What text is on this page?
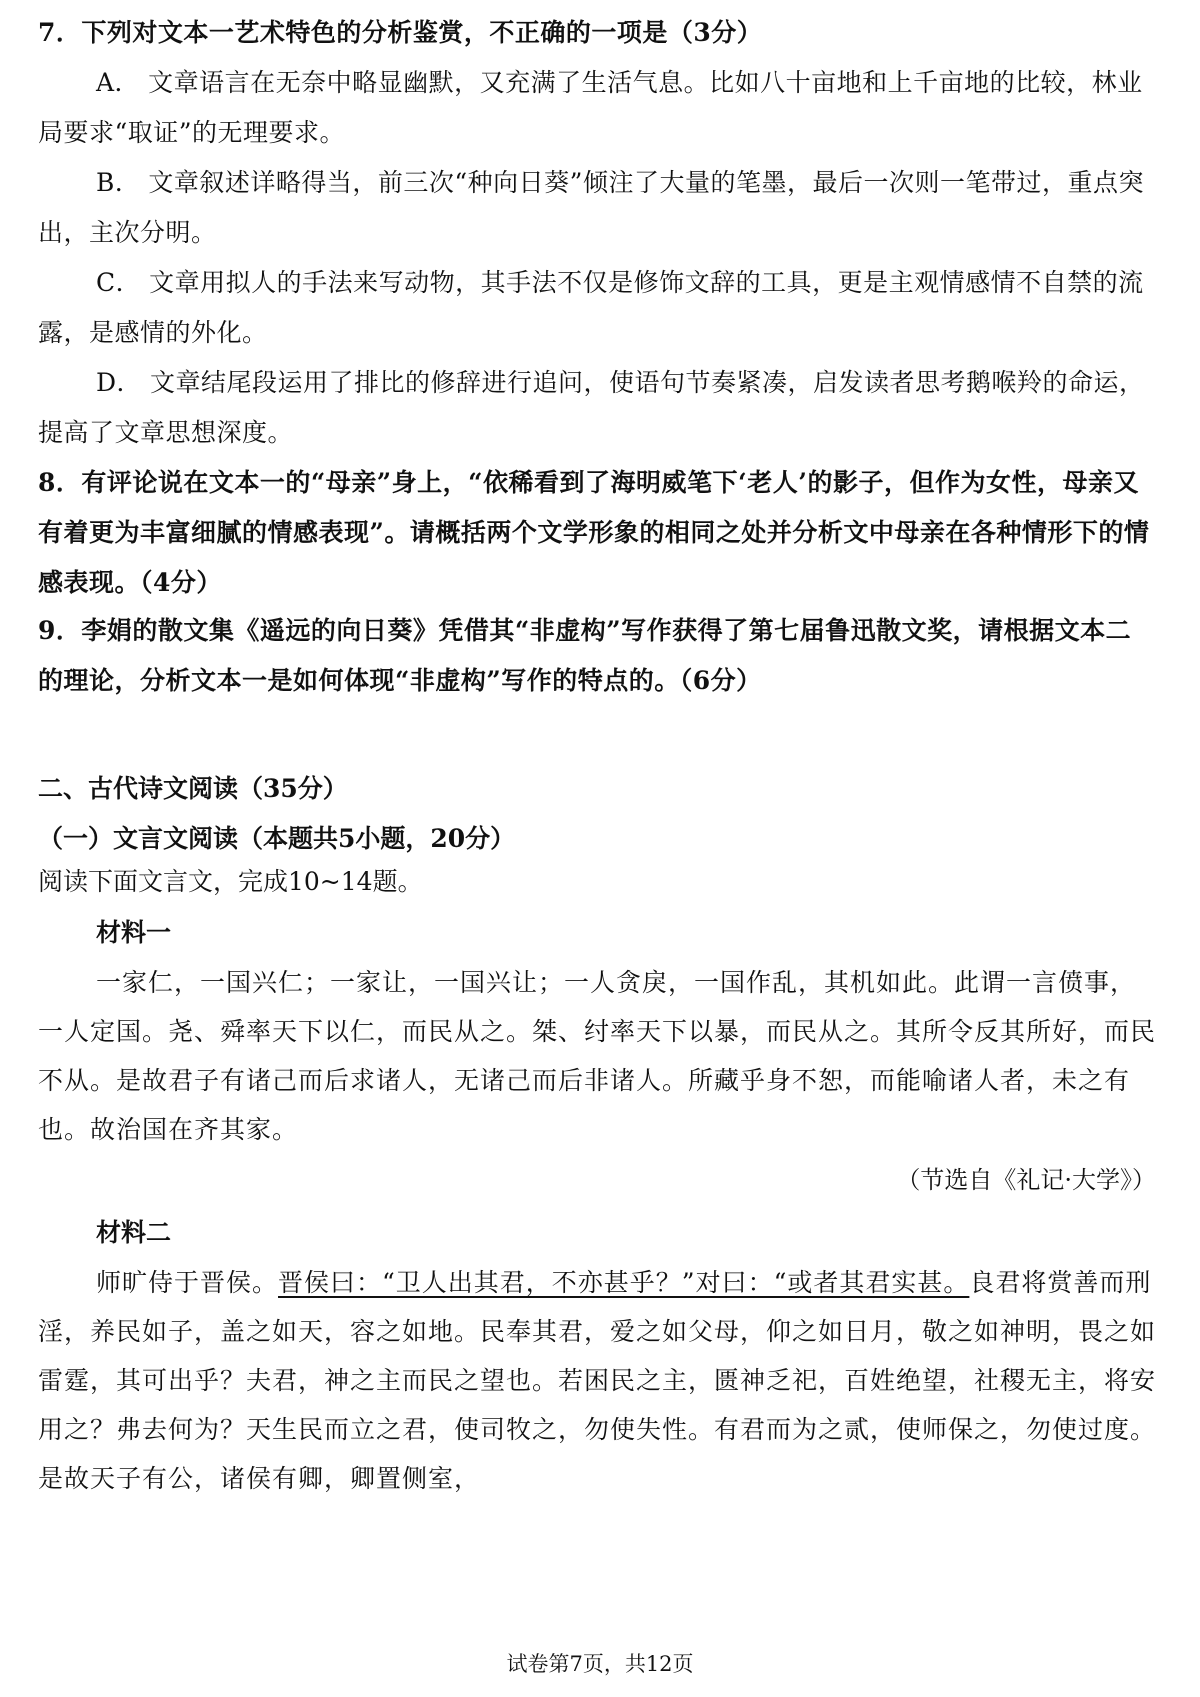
7．下列对文本一艺术特色的分析鉴赏，不正确的一项是（3分）
A． 文章语言在无奈中略显幽默，又充满了生活气息。比如八十亩地和上千亩地的比较，林业局要求“取证”的无理要求。
B． 文章叙述详略得当，前三次“种向日葵”倾注了大量的笔墨，最后一次则一笔带过，重点突出，主次分明。
C． 文章用拟人的手法来写动物，其手法不仅是修饰文辞的工具，更是主观情感情不自禁的流露，是感情的外化。
D． 文章结尾段运用了排比的修辞进行追问，使语句节奏紧凑，启发读者思考鹅喉羚的命运，提高了文章思想深度。
8．有评论说在文本一的“母亲”身上，“依稀看到了海明威笔下‘老人’的影子，但作为女性，母亲又有着更为丰富细腻的情感表现”。请概括两个文学形象的相同之处并分析文中母亲在各种情形下的情感表现。（4分）
9．李娟的散文集《遥远的向日葵》凭借其“非虚构”写作获得了第七届鲁迅散文奖，请根据文本二的理论，分析文本一是如何体现“非虚构”写作的特点的。（6分）
二、古代诗文阅读（35分）
（一）文言文阅读（本题共5小题，20分）
阅读下面文言文，完成10~14题。
材料一
一家仁，一国兴仁；一家让，一国兴让；一人贪戾，一国作乱，其机如此。此谓一言偾事，一人定国。尧、舜率天下以仁，而民从之。桀、纣率天下以暴，而民从之。其所令反其所好，而民不从。是故君子有诸己而后求诸人，无诸己而后非诸人。所藏乎身不恕，而能喻诸人者，未之有也。故治国在齐其家。
（节选自《礼记·大学》）
材料二
师旷侍于晋侯。晋侯曰：“卫人出其君，不亦甚乎？”对曰：“或者其君实甚。良君将赏善而刑淫，养民如子，盖之如天，容之如地。民奉其君，爱之如父母，仰之如日月，敬之如神明，畏之如雷霆，其可出乎？夫君，神之主而民之望也。若困民之主，匮神乏祀，百姓绝望，社稷无主，将安用之？弗去何为？天生民而立之君，使司牧之，勿使失性。有君而为之贰，使师保之，勿使过度。是故天子有公，诸侯有卿，卿置侧室，
试卷第7页，共12页
